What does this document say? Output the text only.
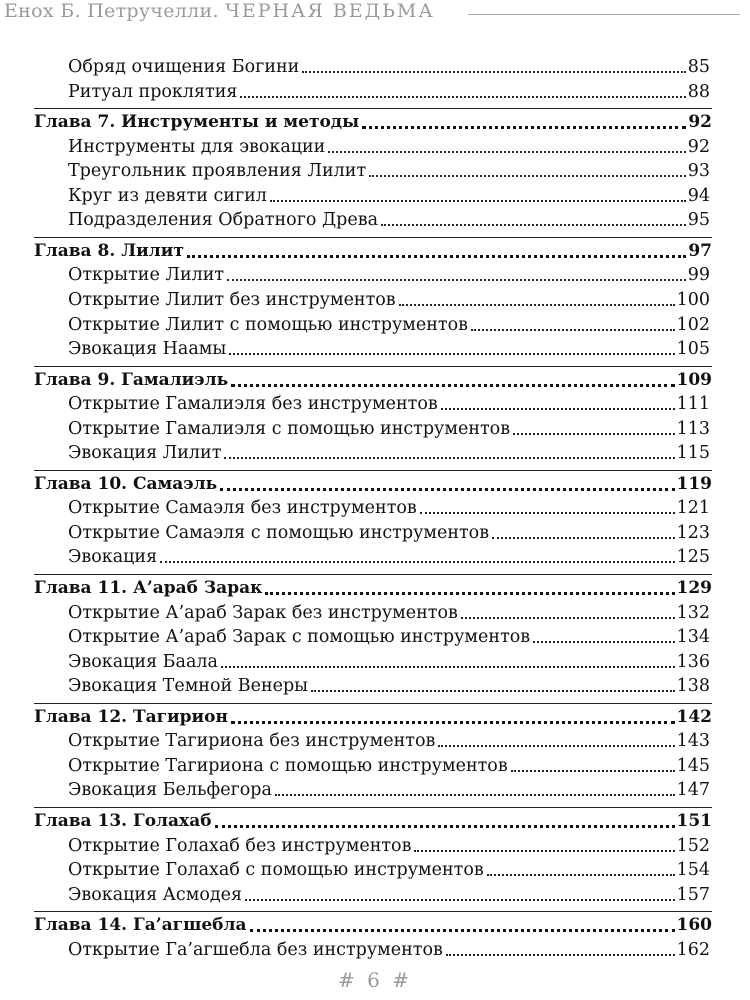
Енох Б. Петручелли. ЧЕРНАЯ ВЕДЬМА
Обряд очищения Богини	85
Ритуал проклятия	88
Глава 7. Инструменты и методы	92
Инструменты для эвокации	92
Треугольник проявления Лилит	93
Круг из девяти сигил	94
Подразделения Обратного Древа	95
Глава 8. Лилит	97
Открытие Лилит	99
Открытие Лилит без инструментов	100
Открытие Лилит с помощью инструментов	102
Эвокация Наамы	105
Глава 9. Гамалиэль	109
Открытие Гамалиэля без инструментов	111
Открытие Гамалиэля с помощью инструментов	113
Эвокация Лилит	115
Глава 10. Самаэль	119
Открытие Самаэля без инструментов	121
Открытие Самаэля с помощью инструментов	123
Эвокация	125
Глава 11. А’араб Зарак	129
Открытие А’араб Зарак без инструментов	132
Открытие А’араб Зарак с помощью инструментов	134
Эвокация Баала	136
Эвокация Темной Венеры	138
Глава 12. Тагирион	142
Открытие Тагириона без инструментов	143
Открытие Тагириона с помощью инструментов	145
Эвокация Бельфегора	147
Глава 13. Голахаб	151
Открытие Голахаб без инструментов	152
Открытие Голахаб с помощью инструментов	154
Эвокация Асмодея	157
Глава 14. Га’агшебла	160
Открытие Га’агшебла без инструментов	162
# 6 #
